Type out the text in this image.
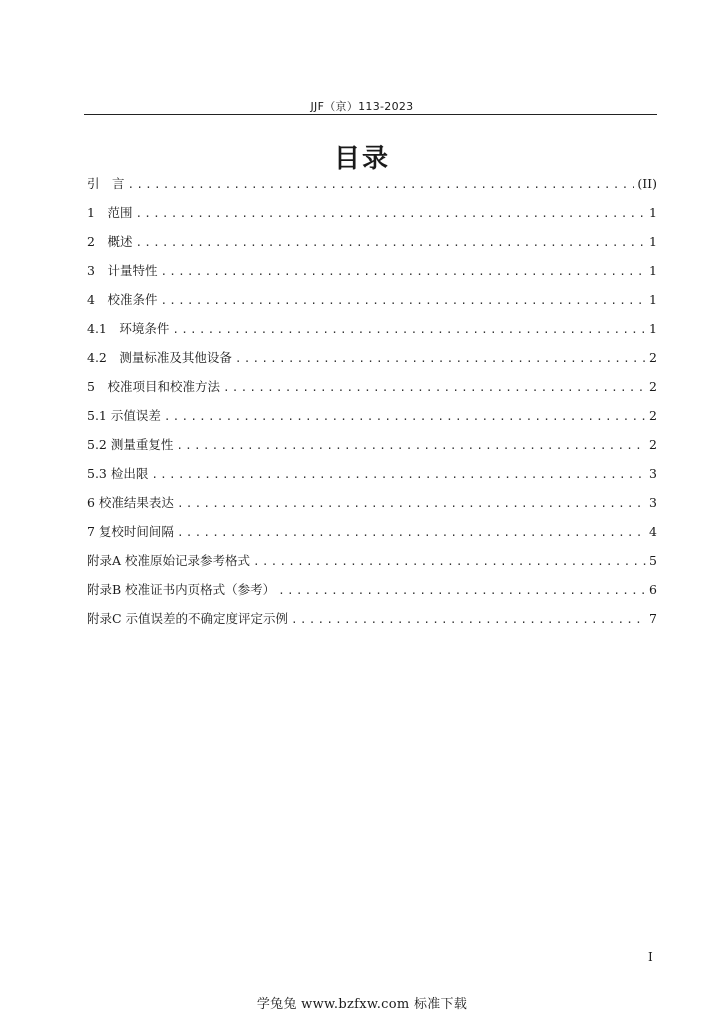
JJF（京）113-2023
目录
引　言 .....	(II)
1　范围 .....	1
2　概述 .....	1
3　计量特性 .....	1
4　校准条件 .....	1
4.1　环境条件 .....	1
4.2　测量标准及其他设备 .....	2
5　校准项目和校准方法 .....	2
5.1 示值误差 .....	2
5.2 测量重复性 .....	2
5.3 检出限 .....	3
6 校准结果表达 .....	3
7 复校时间间隔 .....	4
附录A 校准原始记录参考格式 .....	5
附录B 校准证书内页格式（参考） .....	6
附录C 示值误差的不确定度评定示例 .....	7
I
学兔兔 www.bzfxw.com 标准下载
